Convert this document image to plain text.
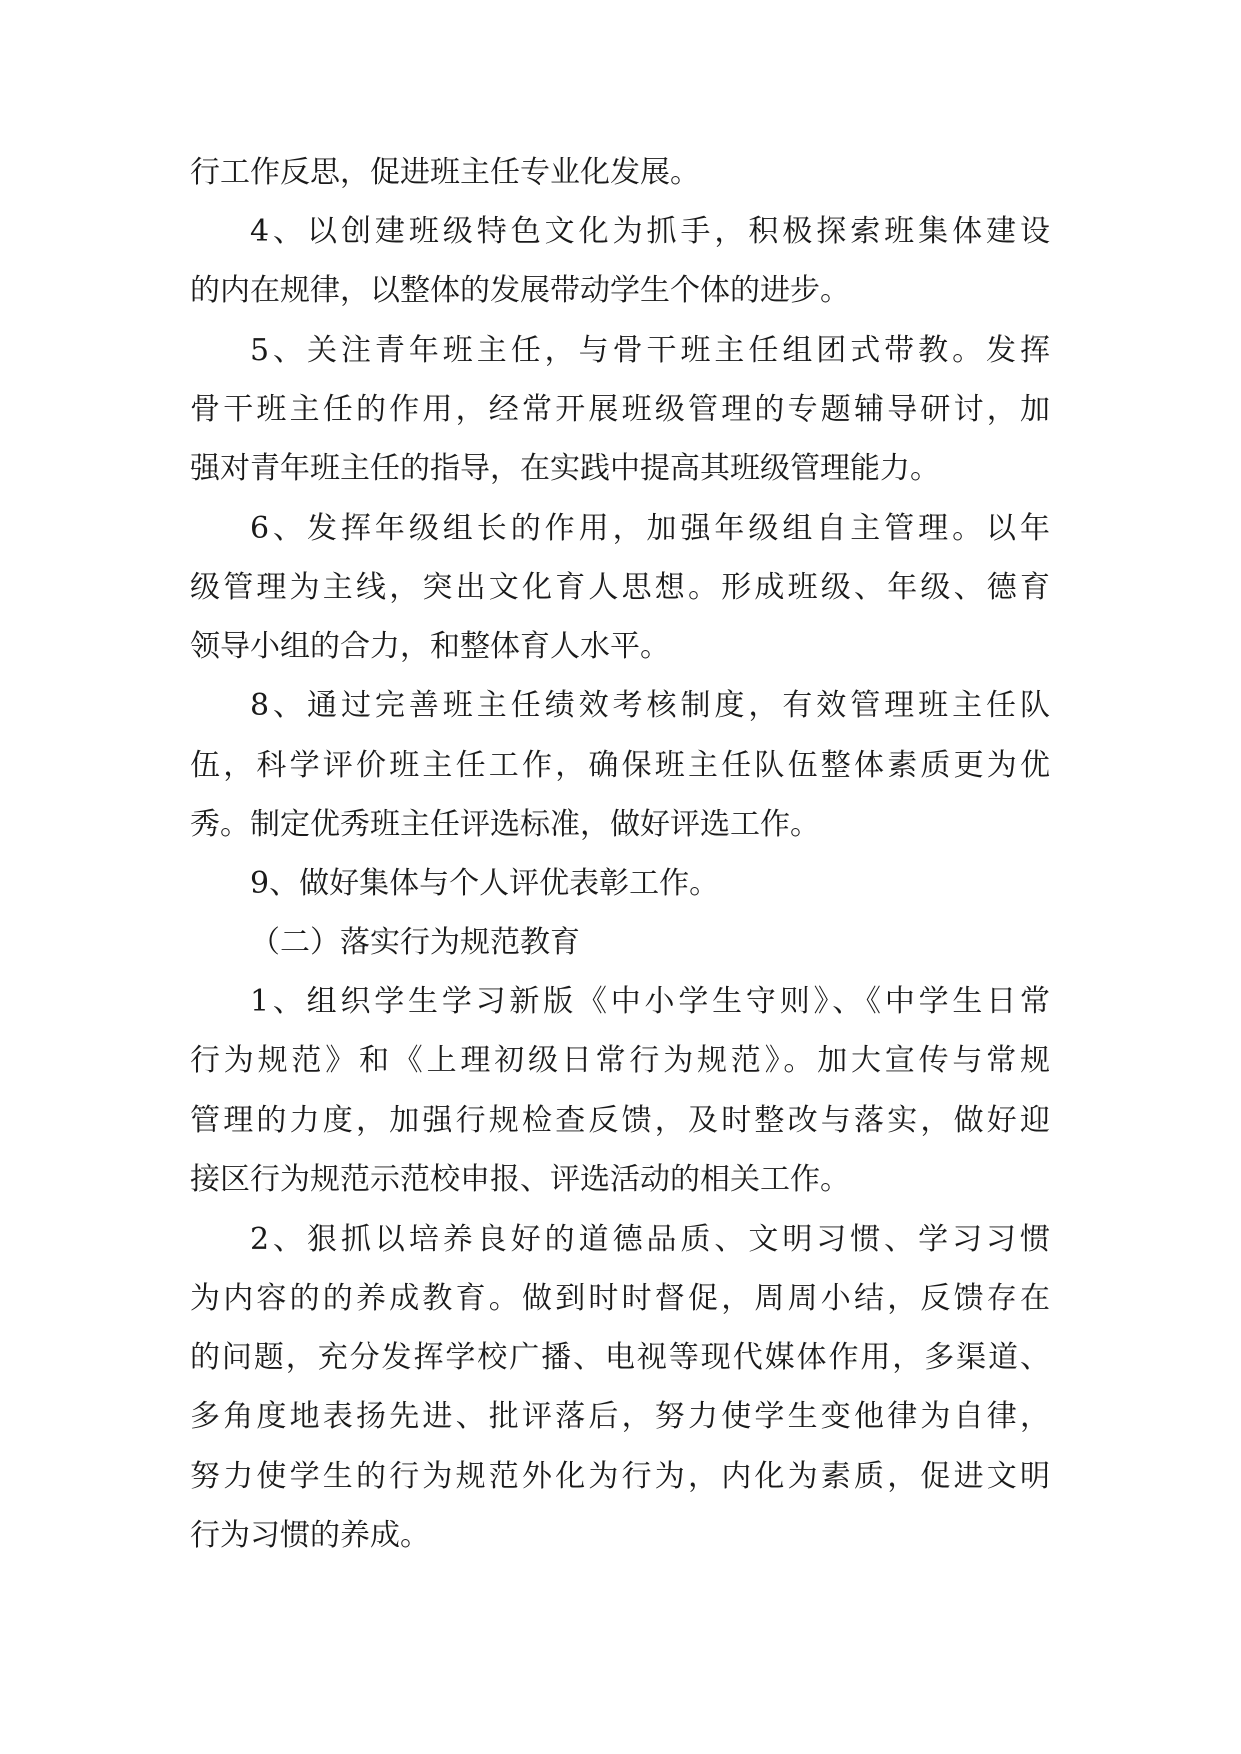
行工作反思，促进班主任专业化发展。
4、以创建班级特色文化为抓手，积极探索班集体建设
的内在规律，以整体的发展带动学生个体的进步。
5、关注青年班主任，与骨干班主任组团式带教。发挥
骨干班主任的作用，经常开展班级管理的专题辅导研讨，加
强对青年班主任的指导，在实践中提高其班级管理能力。
6、发挥年级组长的作用，加强年级组自主管理。以年
级管理为主线，突出文化育人思想。形成班级、年级、德育
领导小组的合力，和整体育人水平。
8、通过完善班主任绩效考核制度，有效管理班主任队
伍，科学评价班主任工作，确保班主任队伍整体素质更为优
秀。制定优秀班主任评选标准，做好评选工作。
9、做好集体与个人评优表彰工作。
（二）落实行为规范教育
1、组织学生学习新版《中小学生守则》、《中学生日常
行为规范》和《上理初级日常行为规范》。加大宣传与常规
管理的力度，加强行规检查反馈，及时整改与落实，做好迎
接区行为规范示范校申报、评选活动的相关工作。
2、狠抓以培养良好的道德品质、文明习惯、学习习惯
为内容的的养成教育。做到时时督促，周周小结，反馈存在
的问题，充分发挥学校广播、电视等现代媒体作用，多渠道、
多角度地表扬先进、批评落后，努力使学生变他律为自律，
努力使学生的行为规范外化为行为，内化为素质，促进文明
行为习惯的养成。
